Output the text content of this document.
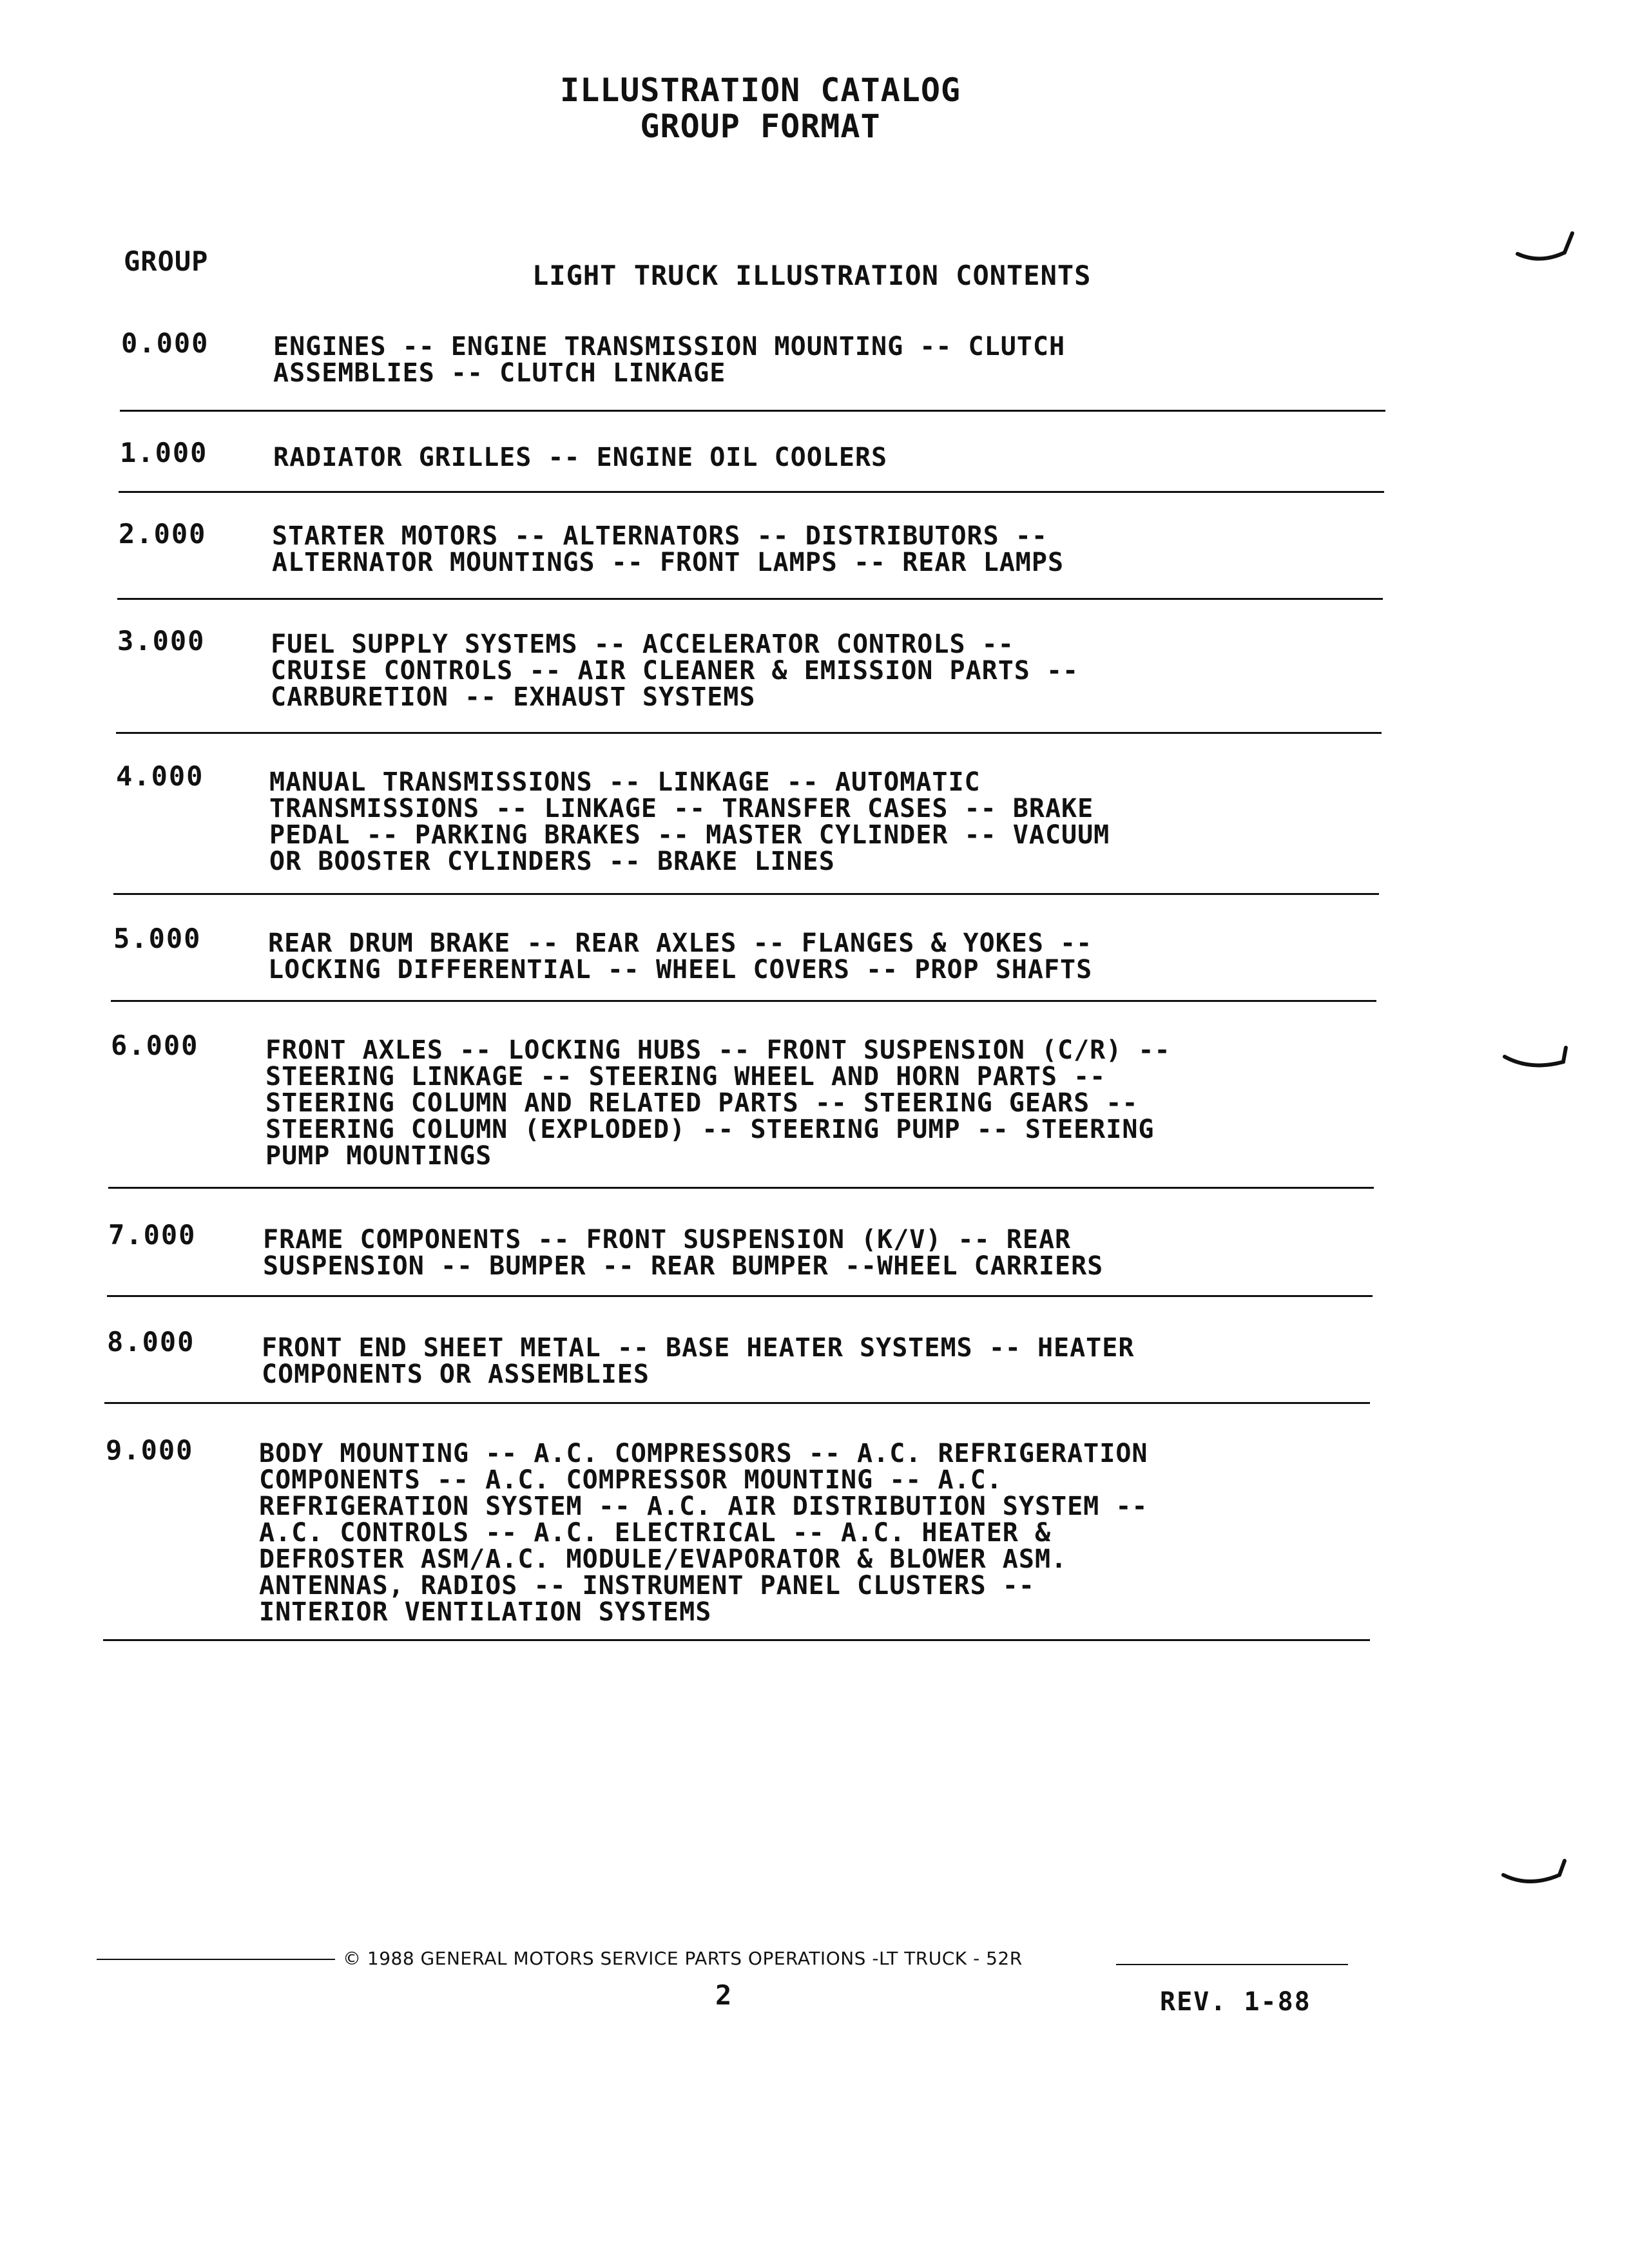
ILLUSTRATION CATALOG
GROUP FORMAT
GROUP	LIGHT TRUCK ILLUSTRATION CONTENTS
0.000 ENGINES -- ENGINE TRANSMISSION MOUNTING -- CLUTCH
ASSEMBLIES -- CLUTCH LINKAGE
1.000	RADIATOR GRILLES -- ENGINE OIL COOLERS
2.000	STARTER MOTORS -- ALTERNATORS -- DISTRIBUTORS --
ALTERNATOR MOUNTINGS -- FRONT LAMPS -- REAR LAMPS
3.000	FUEL SUPPLY SYSTEMS -- ACCELERATOR CONTROLS --
CRUISE CONTROLS -- AIR CLEANER & EMISSION PARTS --
CARBURETION -- EXHAUST SYSTEMS
4.000	MANUAL TRANSMISSIONS -- LINKAGE -- AUTOMATIC
TRANSMISSIONS -- LINKAGE -- TRANSFER CASES -- BRAKE
PEDAL -- PARKING BRAKES -- MASTER CYLINDER -- VACUUM
OR BOOSTER CYLINDERS -- BRAKE LINES
5.000	REAR DRUM BRAKE -- REAR AXLES -- FLANGES & YOKES --
LOCKING DIFFERENTIAL -- WHEEL COVERS -- PROP SHAFTS
6.000	FRONT AXLES -- LOCKING HUBS -- FRONT SUSPENSION (C/R) --
STEERING LINKAGE -- STEERING WHEEL AND HORN PARTS --
STEERING COLUMN AND RELATED PARTS -- STEERING GEARS --
STEERING COLUMN (EXPLODED) -- STEERING PUMP -- STEERING
PUMP MOUNTINGS
7.000	FRAME COMPONENTS -- FRONT SUSPENSION (K/V) -- REAR
SUSPENSION -- BUMPER -- REAR BUMPER --WHEEL CARRIERS
8.000	FRONT END SHEET METAL -- BASE HEATER SYSTEMS -- HEATER
COMPONENTS OR ASSEMBLIES
9.000	BODY MOUNTING -- A.C. COMPRESSORS -- A.C. REFRIGERATION
COMPONENTS -- A.C. COMPRESSOR MOUNTING -- A.C.
REFRIGERATION SYSTEM -- A.C. AIR DISTRIBUTION SYSTEM --
A.C. CONTROLS -- A.C. ELECTRICAL -- A.C. HEATER &
DEFROSTER ASM/A.C. MODULE/EVAPORATOR & BLOWER ASM.
ANTENNAS, RADIOS -- INSTRUMENT PANEL CLUSTERS --
INTERIOR VENTILATION SYSTEMS
© 1988 GENERAL MOTORS SERVICE PARTS OPERATIONS -LT TRUCK - 52R
2	REV. 1-88
